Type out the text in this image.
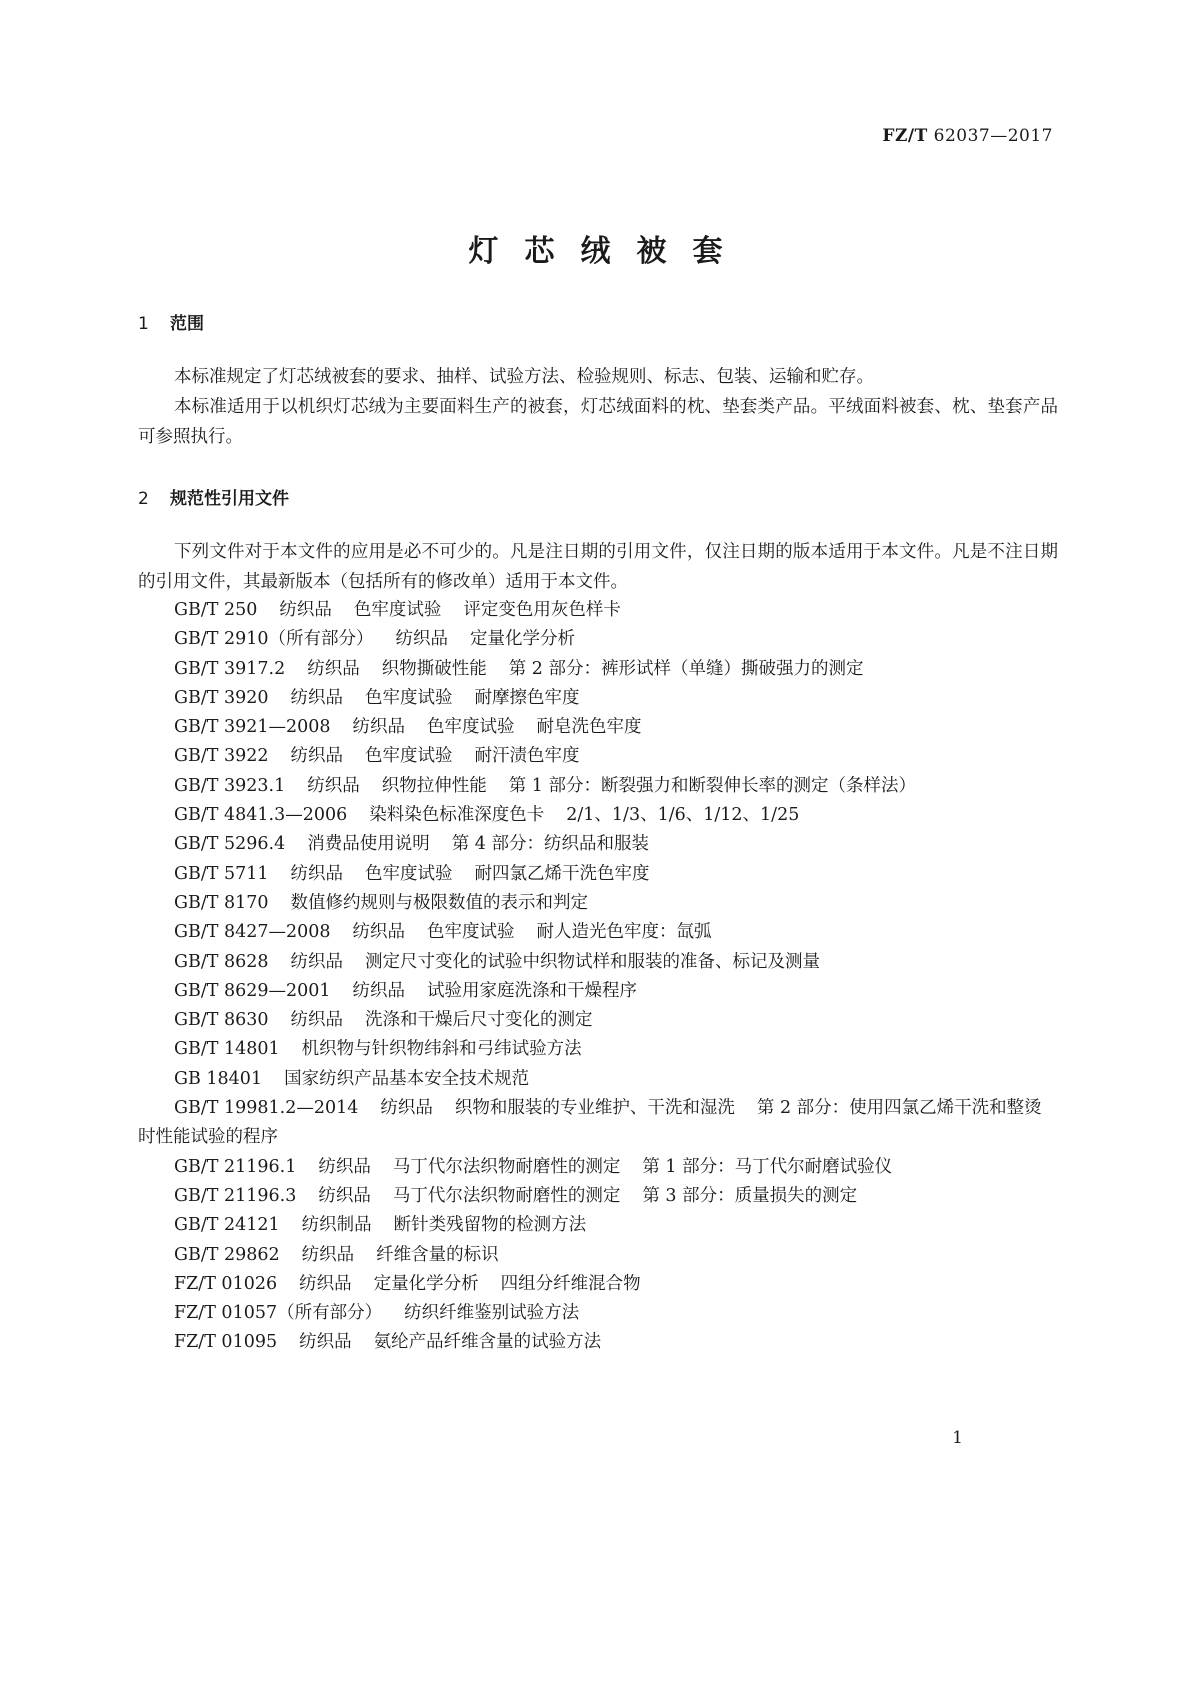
FZ/T 62037—2017
灯芯绒被套
1 范围

本标准规定了灯芯绒被套的要求、抽样、试验方法、检验规则、标志、包装、运输和贮存。

本标准适用于以机织灯芯绒为主要面料生产的被套，灯芯绒面料的枕、垫套类产品。平绒面料被套、枕、垫套产品可参照执行。

2 规范性引用文件

下列文件对于本文件的应用是必不可少的。凡是注日期的引用文件，仅注日期的版本适用于本文件。凡是不注日期的引用文件，其最新版本（包括所有的修改单）适用于本文件。

GB/T 250 纺织品 色牢度试验 评定变色用灰色样卡
GB/T 2910（所有部分） 纺织品 定量化学分析
GB/T 3917.2 纺织品 织物撕破性能 第 2 部分：裤形试样（单缝）撕破强力的测定
GB/T 3920 纺织品 色牢度试验 耐摩擦色牢度
GB/T 3921—2008 纺织品 色牢度试验 耐皂洗色牢度
GB/T 3922 纺织品 色牢度试验 耐汗渍色牢度
GB/T 3923.1 纺织品 织物拉伸性能 第 1 部分：断裂强力和断裂伸长率的测定（条样法）
GB/T 4841.3—2006 染料染色标准深度色卡 2/1、1/3、1/6、1/12、1/25
GB/T 5296.4 消费品使用说明 第 4 部分：纺织品和服装
GB/T 5711 纺织品 色牢度试验 耐四氯乙烯干洗色牢度
GB/T 8170 数值修约规则与极限数值的表示和判定
GB/T 8427—2008 纺织品 色牢度试验 耐人造光色牢度：氙弧
GB/T 8628 纺织品 测定尺寸变化的试验中织物试样和服装的准备、标记及测量
GB/T 8629—2001 纺织品 试验用家庭洗涤和干燥程序
GB/T 8630 纺织品 洗涤和干燥后尺寸变化的测定
GB/T 14801 机织物与针织物纬斜和弓纬试验方法
GB 18401 国家纺织产品基本安全技术规范
GB/T 19981.2—2014 纺织品 织物和服装的专业维护、干洗和湿洗 第 2 部分：使用四氯乙烯干洗和整烫时性能试验的程序
GB/T 21196.1 纺织品 马丁代尔法织物耐磨性的测定 第 1 部分：马丁代尔耐磨试验仪
GB/T 21196.3 纺织品 马丁代尔法织物耐磨性的测定 第 3 部分：质量损失的测定
GB/T 24121 纺织制品 断针类残留物的检测方法
GB/T 29862 纺织品 纤维含量的标识
FZ/T 01026 纺织品 定量化学分析 四组分纤维混合物
FZ/T 01057（所有部分） 纺织纤维鉴别试验方法
FZ/T 01095 纺织品 氨纶产品纤维含量的试验方法
1
